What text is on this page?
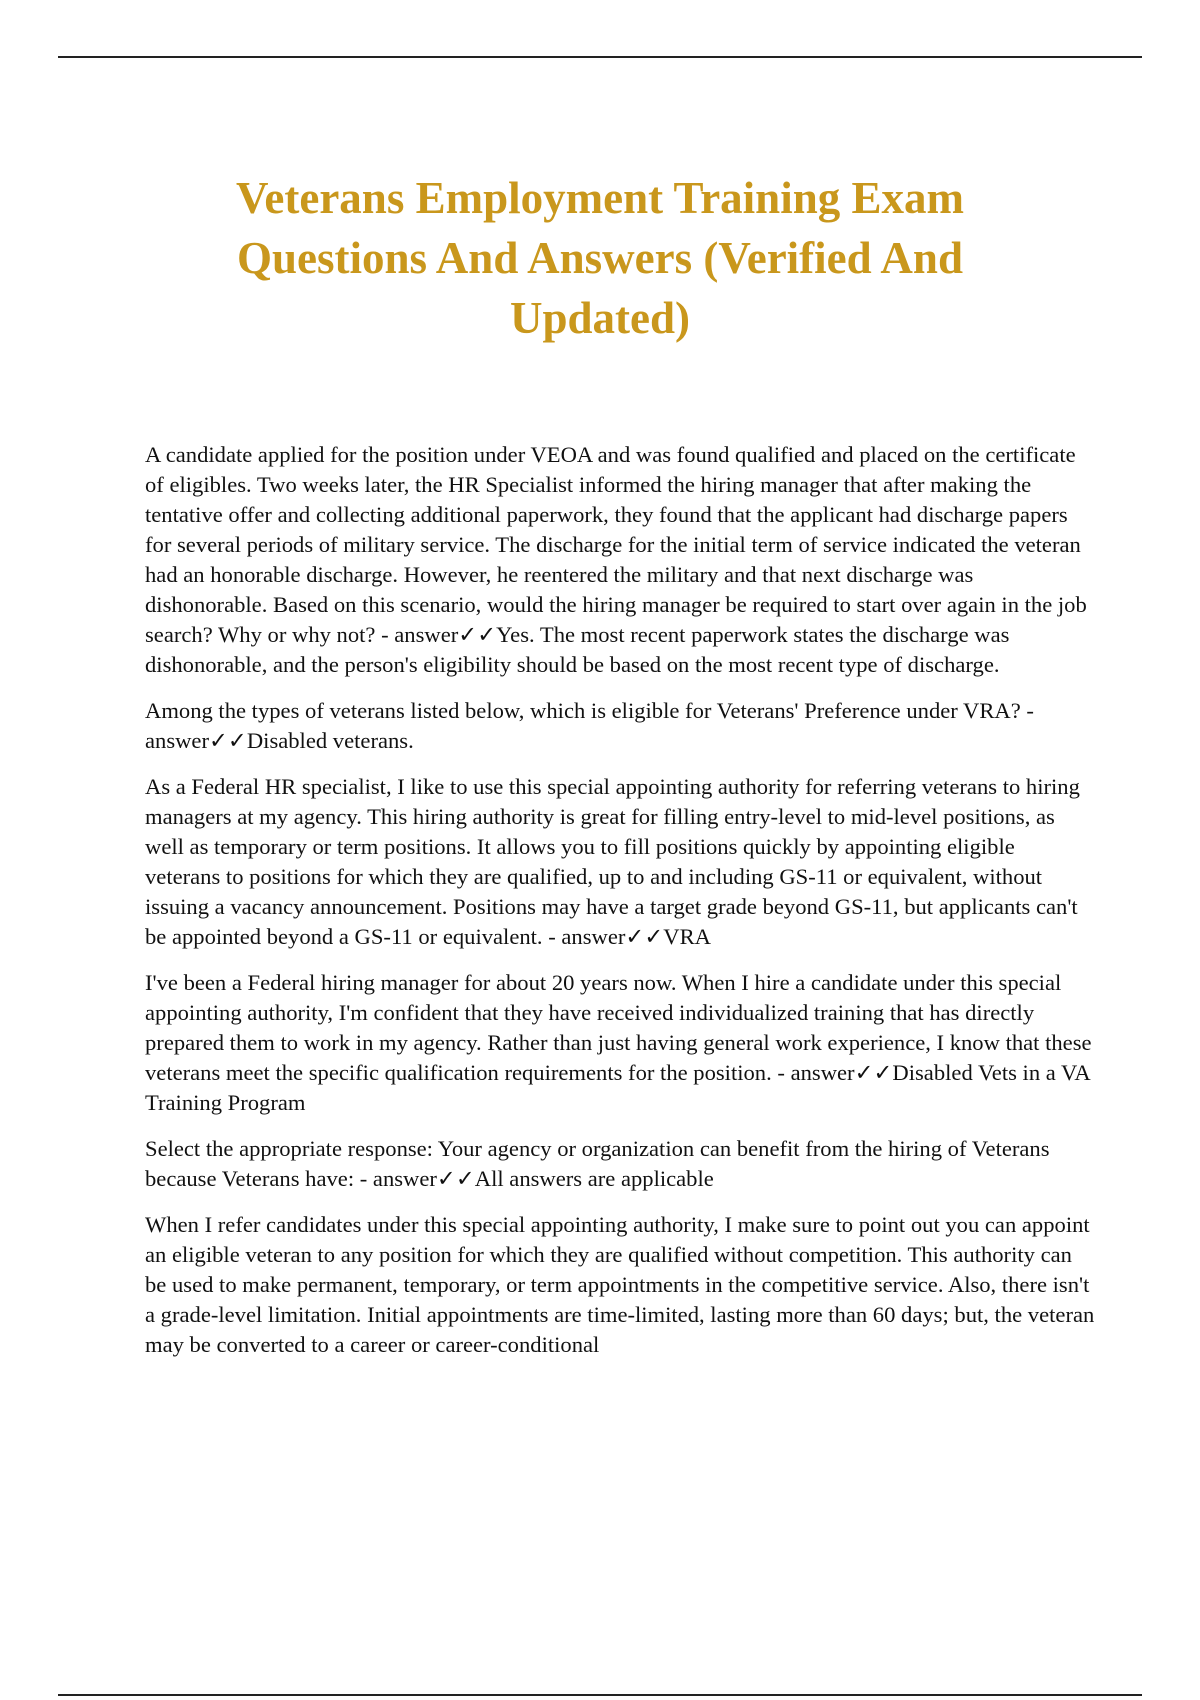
Veterans Employment Training Exam Questions And Answers (Verified And Updated)

A candidate applied for the position under VEOA and was found qualified and placed on the certificate of eligibles. Two weeks later, the HR Specialist informed the hiring manager that after making the tentative offer and collecting additional paperwork, they found that the applicant had discharge papers for several periods of military service. The discharge for the initial term of service indicated the veteran had an honorable discharge. However, he reentered the military and that next discharge was dishonorable. Based on this scenario, would the hiring manager be required to start over again in the job search? Why or why not? - answer✓✓Yes. The most recent paperwork states the discharge was dishonorable, and the person's eligibility should be based on the most recent type of discharge.

Among the types of veterans listed below, which is eligible for Veterans' Preference under VRA? - answer✓✓Disabled veterans.

As a Federal HR specialist, I like to use this special appointing authority for referring veterans to hiring managers at my agency. This hiring authority is great for filling entry-level to mid-level positions, as well as temporary or term positions. It allows you to fill positions quickly by appointing eligible veterans to positions for which they are qualified, up to and including GS-11 or equivalent, without issuing a vacancy announcement. Positions may have a target grade beyond GS-11, but applicants can't be appointed beyond a GS-11 or equivalent. - answer✓✓VRA

I've been a Federal hiring manager for about 20 years now. When I hire a candidate under this special appointing authority, I'm confident that they have received individualized training that has directly prepared them to work in my agency. Rather than just having general work experience, I know that these veterans meet the specific qualification requirements for the position. - answer✓✓Disabled Vets in a VA Training Program

Select the appropriate response: Your agency or organization can benefit from the hiring of Veterans because Veterans have: - answer✓✓All answers are applicable

When I refer candidates under this special appointing authority, I make sure to point out you can appoint an eligible veteran to any position for which they are qualified without competition. This authority can be used to make permanent, temporary, or term appointments in the competitive service. Also, there isn't a grade-level limitation. Initial appointments are time-limited, lasting more than 60 days; but, the veteran may be converted to a career or career-conditional
